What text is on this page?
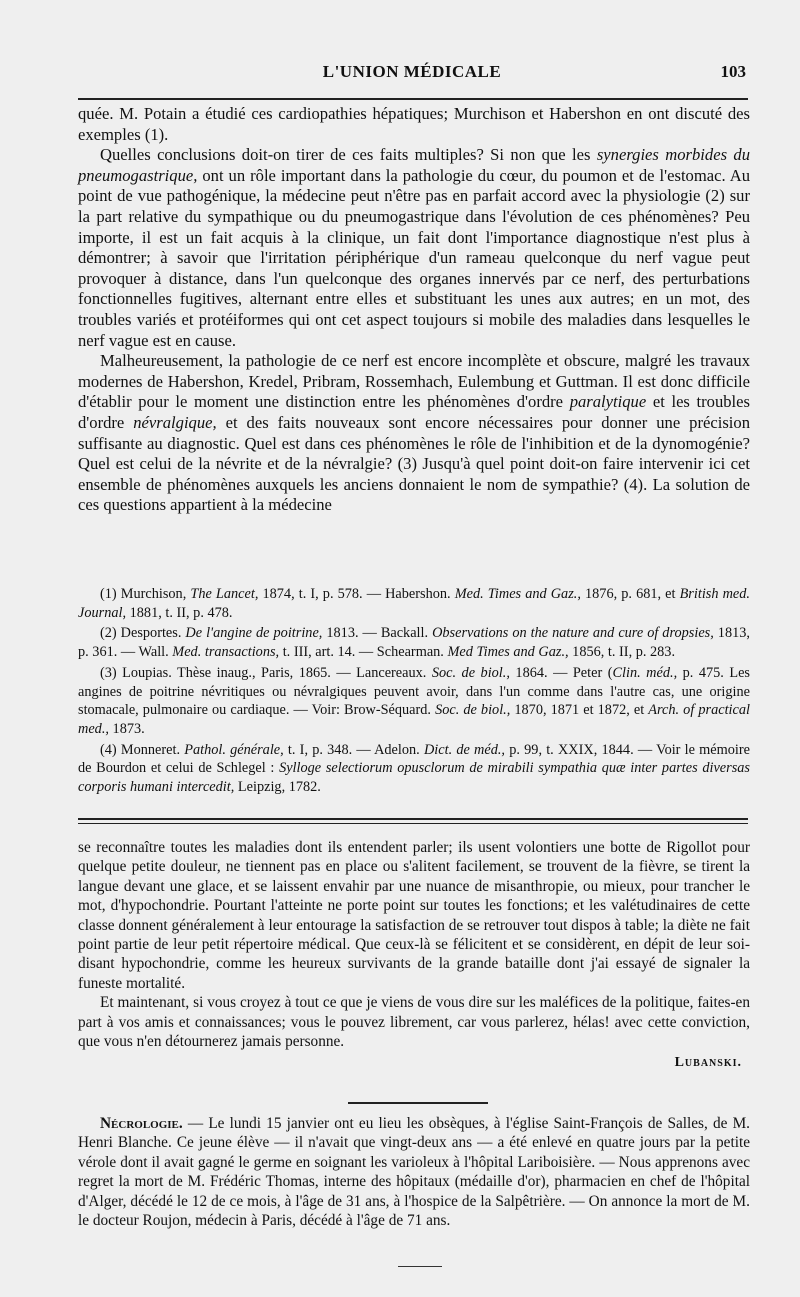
L'UNION MÉDICALE	103

quée. M. Potain a étudié ces cardiopathies hépatiques; Murchison et Habershon en ont discuté des exemples (1).

Quelles conclusions doit-on tirer de ces faits multiples? Si non que les synergies morbides du pneumogastrique, ont un rôle important dans la pathologie du cœur, du poumon et de l'estomac. Au point de vue pathogénique, la médecine peut n'être pas en parfait accord avec la physiologie (2) sur la part relative du sympathique ou du pneumogastrique dans l'évolution de ces phénomènes? Peu importe, il est un fait acquis à la clinique, un fait dont l'importance diagnostique n'est plus à démontrer; à savoir que l'irritation périphérique d'un rameau quelconque du nerf vague peut provoquer à distance, dans l'un quelconque des organes innervés par ce nerf, des perturbations fonctionnelles fugitives, alternant entre elles et substituant les unes aux autres; en un mot, des troubles variés et protéiformes qui ont cet aspect toujours si mobile des maladies dans lesquelles le nerf vague est en cause.

Malheureusement, la pathologie de ce nerf est encore incomplète et obscure, malgré les travaux modernes de Habershon, Kredel, Pribram, Rossemhach, Eulembung et Guttman. Il est donc difficile d'établir pour le moment une distinction entre les phénomènes d'ordre paralytique et les troubles d'ordre névralgique, et des faits nouveaux sont encore nécessaires pour donner une précision suffisante au diagnostic. Quel est dans ces phénomènes le rôle de l'inhibition et de la dynomogénie? Quel est celui de la névrite et de la névralgie? (3) Jusqu'à quel point doit-on faire intervenir ici cet ensemble de phénomènes auxquels les anciens donnaient le nom de sympathie? (4). La solution de ces questions appartient à la médecine

(1) Murchison, The Lancet, 1874, t. I, p. 578. — Habershon. Med. Times and Gaz., 1876, p. 681, et British med. Journal, 1881, t. II, p. 478.

(2) Desportes. De l'angine de poitrine, 1813. — Backall. Observations on the nature and cure of dropsies, 1813, p. 361. — Wall. Med. transactions, t. III, art. 14. — Schearman. Med Times and Gaz., 1856, t. II, p. 283.

(3) Loupias. Thèse inaug., Paris, 1865. — Lancereaux. Soc. de biol., 1864. — Peter (Clin. méd., p. 475. Les angines de poitrine névritiques ou névralgiques peuvent avoir, dans l'un comme dans l'autre cas, une origine stomacale, pulmonaire ou cardiaque. — Voir: Brow-Séquard. Soc. de biol., 1870, 1871 et 1872, et Arch. of practical med., 1873.

(4) Monneret. Pathol. générale, t. I, p. 348. — Adelon. Dict. de méd., p. 99, t. XXIX, 1844. — Voir le mémoire de Bourdon et celui de Schlegel : Sylloge selectiorum opusclorum de mirabili sympathia quæ inter partes diversas corporis humani intercedit, Leipzig, 1782.

se reconnaître toutes les maladies dont ils entendent parler; ils usent volontiers une botte de Rigollot pour quelque petite douleur, ne tiennent pas en place ou s'alitent facilement, se trouvent de la fièvre, se tirent la langue devant une glace, et se laissent envahir par une nuance de misanthropie, ou mieux, pour trancher le mot, d'hypochondrie. Pourtant l'atteinte ne porte point sur toutes les fonctions; et les valétudinaires de cette classe donnent généralement à leur entourage la satisfaction de se retrouver tout dispos à table; la diète ne fait point partie de leur petit répertoire médical. Que ceux-là se félicitent et se considèrent, en dépit de leur soi-disant hypochondrie, comme les heureux survivants de la grande bataille dont j'ai essayé de signaler la funeste mortalité.

Et maintenant, si vous croyez à tout ce que je viens de vous dire sur les maléfices de la politique, faites-en part à vos amis et connaissances; vous le pouvez librement, car vous parlerez, hélas! avec cette conviction, que vous n'en détournerez jamais personne.

Lubanski.

Nécrologie. — Le lundi 15 janvier ont eu lieu les obsèques, à l'église Saint-François de Salles, de M. Henri Blanche. Ce jeune élève — il n'avait que vingt-deux ans — a été enlevé en quatre jours par la petite vérole dont il avait gagné le germe en soignant les varioleux à l'hôpital Lariboisière. — Nous apprenons avec regret la mort de M. Frédéric Thomas, interne des hôpitaux (médaille d'or), pharmacien en chef de l'hôpital d'Alger, décédé le 12 de ce mois, à l'âge de 31 ans, à l'hospice de la Salpêtrière. — On annonce la mort de M. le docteur Roujon, médecin à Paris, décédé à l'âge de 71 ans.
